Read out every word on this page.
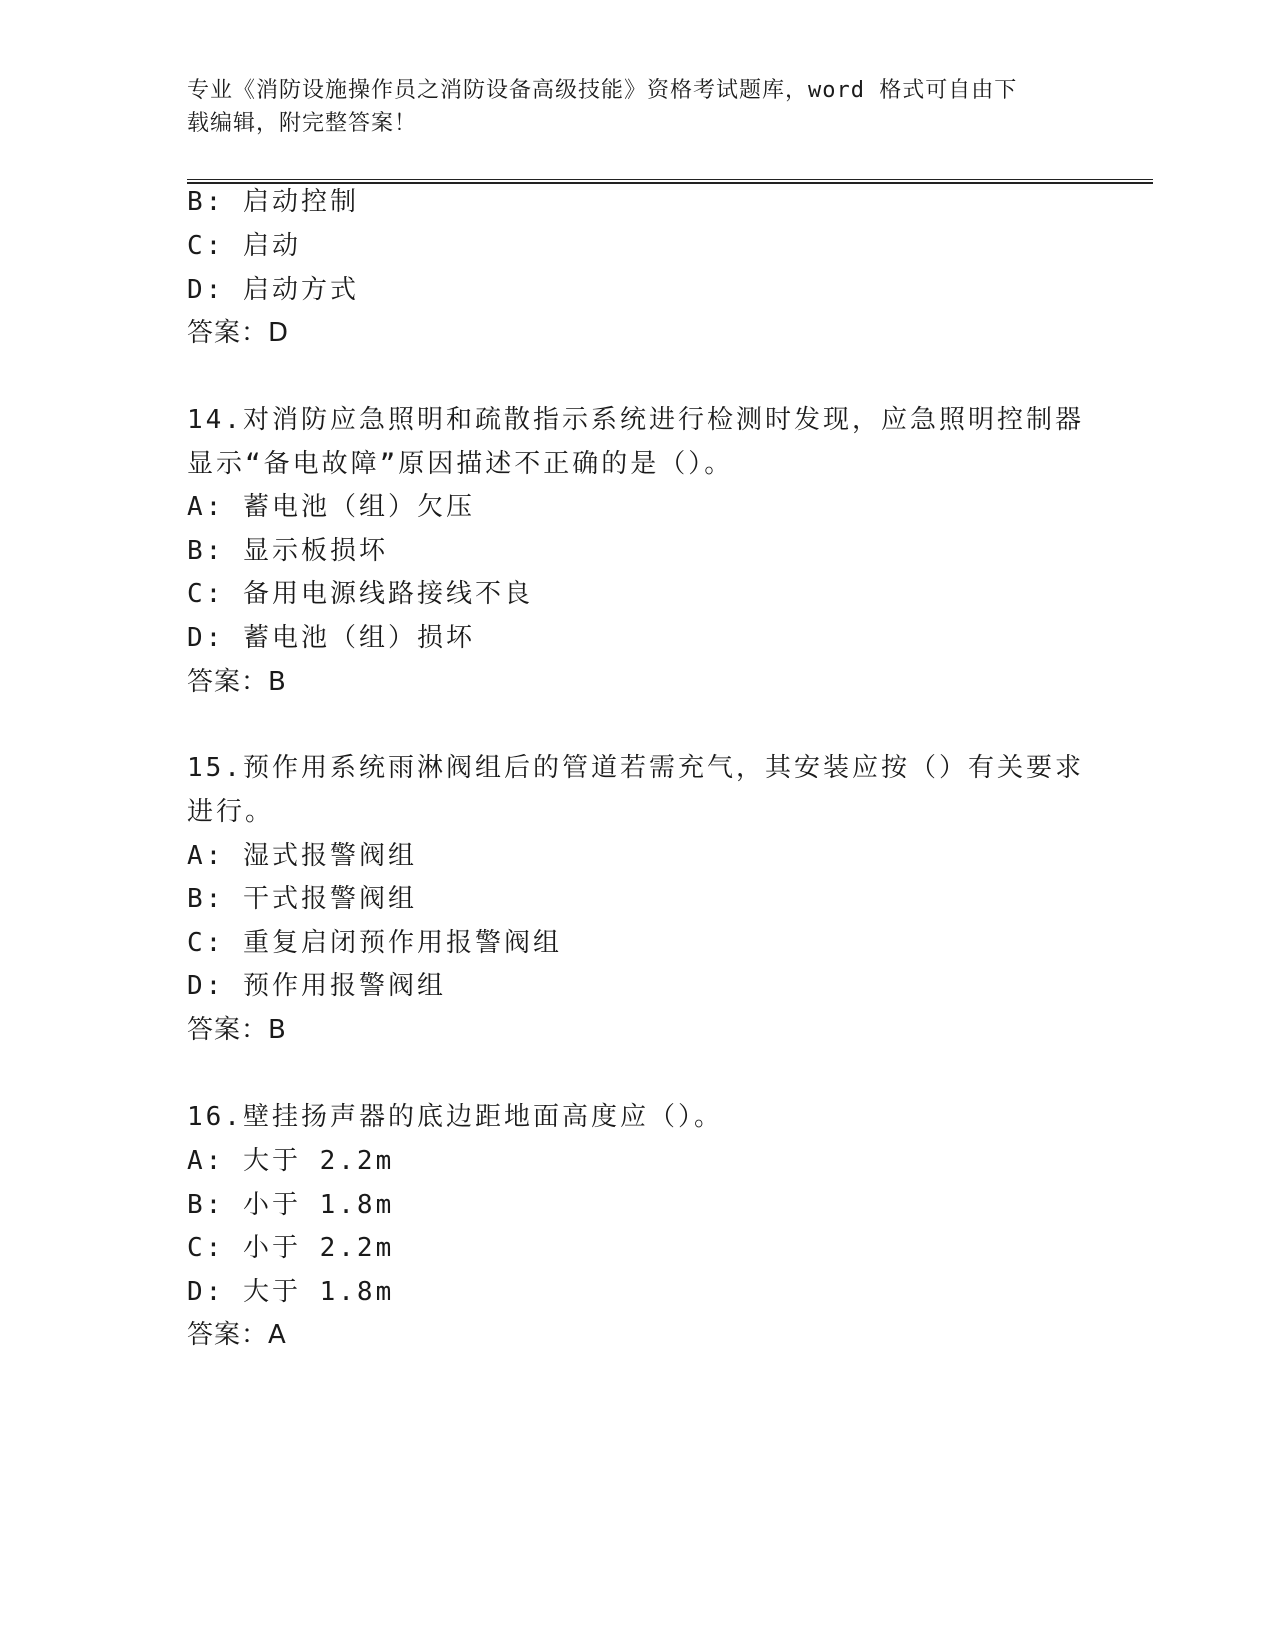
专业《消防设施操作员之消防设备高级技能》资格考试题库，word 格式可自由下
载编辑，附完整答案！
B: 启动控制
C: 启动
D: 启动方式
答案：D
14.对消防应急照明和疏散指示系统进行检测时发现，应急照明控制器
显示“备电故障”原因描述不正确的是（）。
A: 蓄电池（组）欠压
B: 显示板损坏
C: 备用电源线路接线不良
D: 蓄电池（组）损坏
答案：B
15.预作用系统雨淋阀组后的管道若需充气，其安装应按（）有关要求
进行。
A: 湿式报警阀组
B: 干式报警阀组
C: 重复启闭预作用报警阀组
D: 预作用报警阀组
答案：B
16.壁挂扬声器的底边距地面高度应（）。
A: 大于 2.2m
B: 小于 1.8m
C: 小于 2.2m
D: 大于 1.8m
答案：A
